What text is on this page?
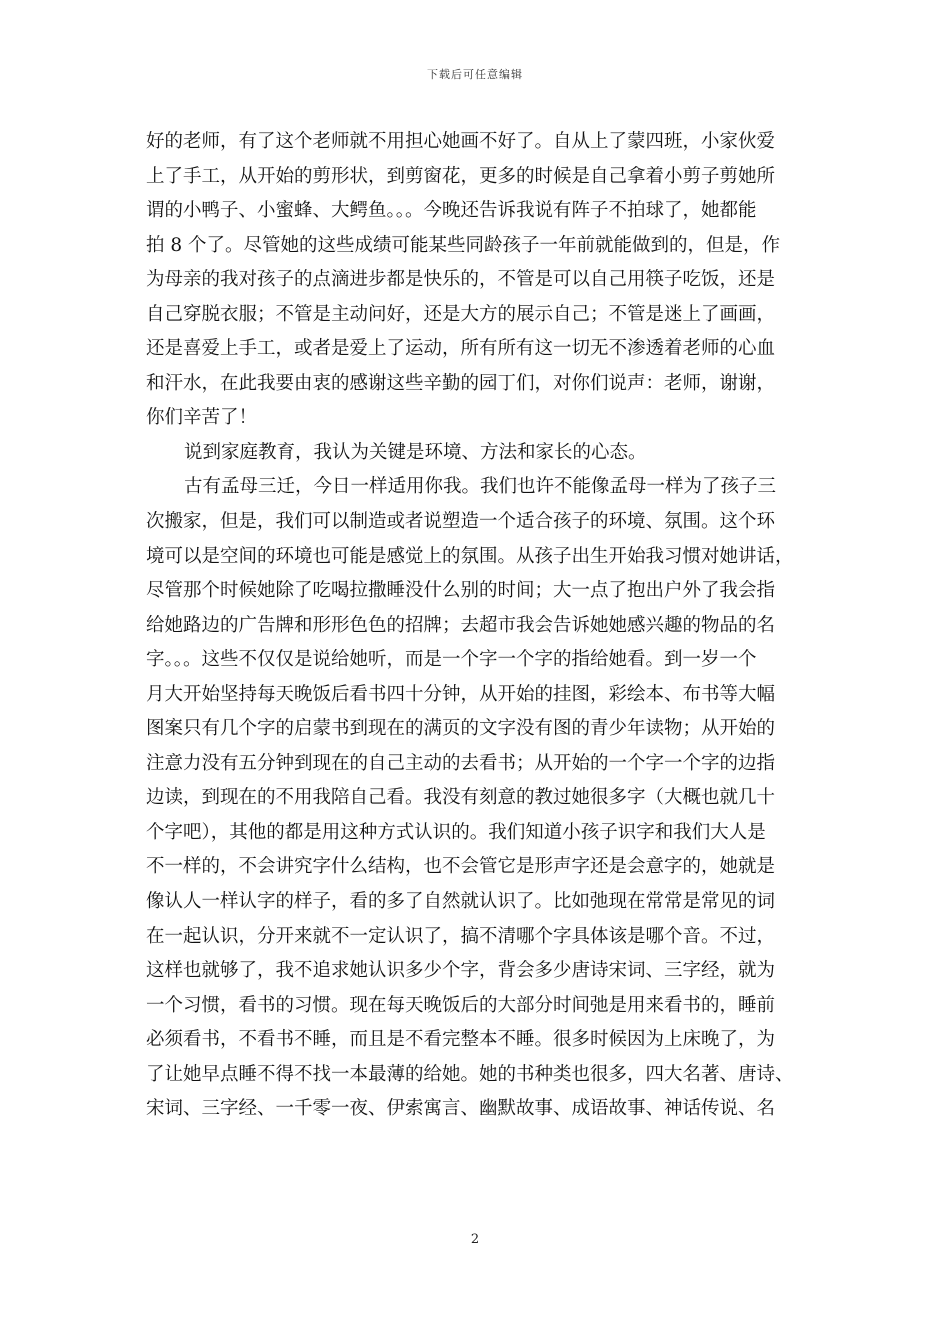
下载后可任意编辑
好的老师，有了这个老师就不用担心她画不好了。自从上了蒙四班，小家伙爱
上了手工，从开始的剪形状，到剪窗花，更多的时候是自己拿着小剪子剪她所
谓的小鸭子、小蜜蜂、大鳄鱼。。。今晚还告诉我说有阵子不拍球了，她都能
拍 8 个了。尽管她的这些成绩可能某些同龄孩子一年前就能做到的，但是，作
为母亲的我对孩子的点滴进步都是快乐的，不管是可以自己用筷子吃饭，还是
自己穿脱衣服；不管是主动问好，还是大方的展示自己；不管是迷上了画画，
还是喜爱上手工，或者是爱上了运动，所有所有这一切无不渗透着老师的心血
和汗水，在此我要由衷的感谢这些辛勤的园丁们，对你们说声：老师，谢谢，
你们辛苦了！
说到家庭教育，我认为关键是环境、方法和家长的心态。
古有孟母三迁，今日一样适用你我。我们也许不能像孟母一样为了孩子三
次搬家，但是，我们可以制造或者说塑造一个适合孩子的环境、氛围。这个环
境可以是空间的环境也可能是感觉上的氛围。从孩子出生开始我习惯对她讲话，
尽管那个时候她除了吃喝拉撒睡没什么别的时间；大一点了抱出户外了我会指
给她路边的广告牌和形形色色的招牌；去超市我会告诉她她感兴趣的物品的名
字。。。这些不仅仅是说给她听，而是一个字一个字的指给她看。到一岁一个
月大开始坚持每天晚饭后看书四十分钟，从开始的挂图，彩绘本、布书等大幅
图案只有几个字的启蒙书到现在的满页的文字没有图的青少年读物；从开始的
注意力没有五分钟到现在的自己主动的去看书；从开始的一个字一个字的边指
边读，到现在的不用我陪自己看。我没有刻意的教过她很多字（大概也就几十
个字吧），其他的都是用这种方式认识的。我们知道小孩子识字和我们大人是
不一样的，不会讲究字什么结构，也不会管它是形声字还是会意字的，她就是
像认人一样认字的样子，看的多了自然就认识了。比如弛现在常常是常见的词
在一起认识，分开来就不一定认识了，搞不清哪个字具体该是哪个音。不过，
这样也就够了，我不追求她认识多少个字，背会多少唐诗宋词、三字经，就为
一个习惯，看书的习惯。现在每天晚饭后的大部分时间弛是用来看书的，睡前
必须看书，不看书不睡，而且是不看完整本不睡。很多时候因为上床晚了，为
了让她早点睡不得不找一本最薄的给她。她的书种类也很多，四大名著、唐诗、
宋词、三字经、一千零一夜、伊索寓言、幽默故事、成语故事、神话传说、名
2
